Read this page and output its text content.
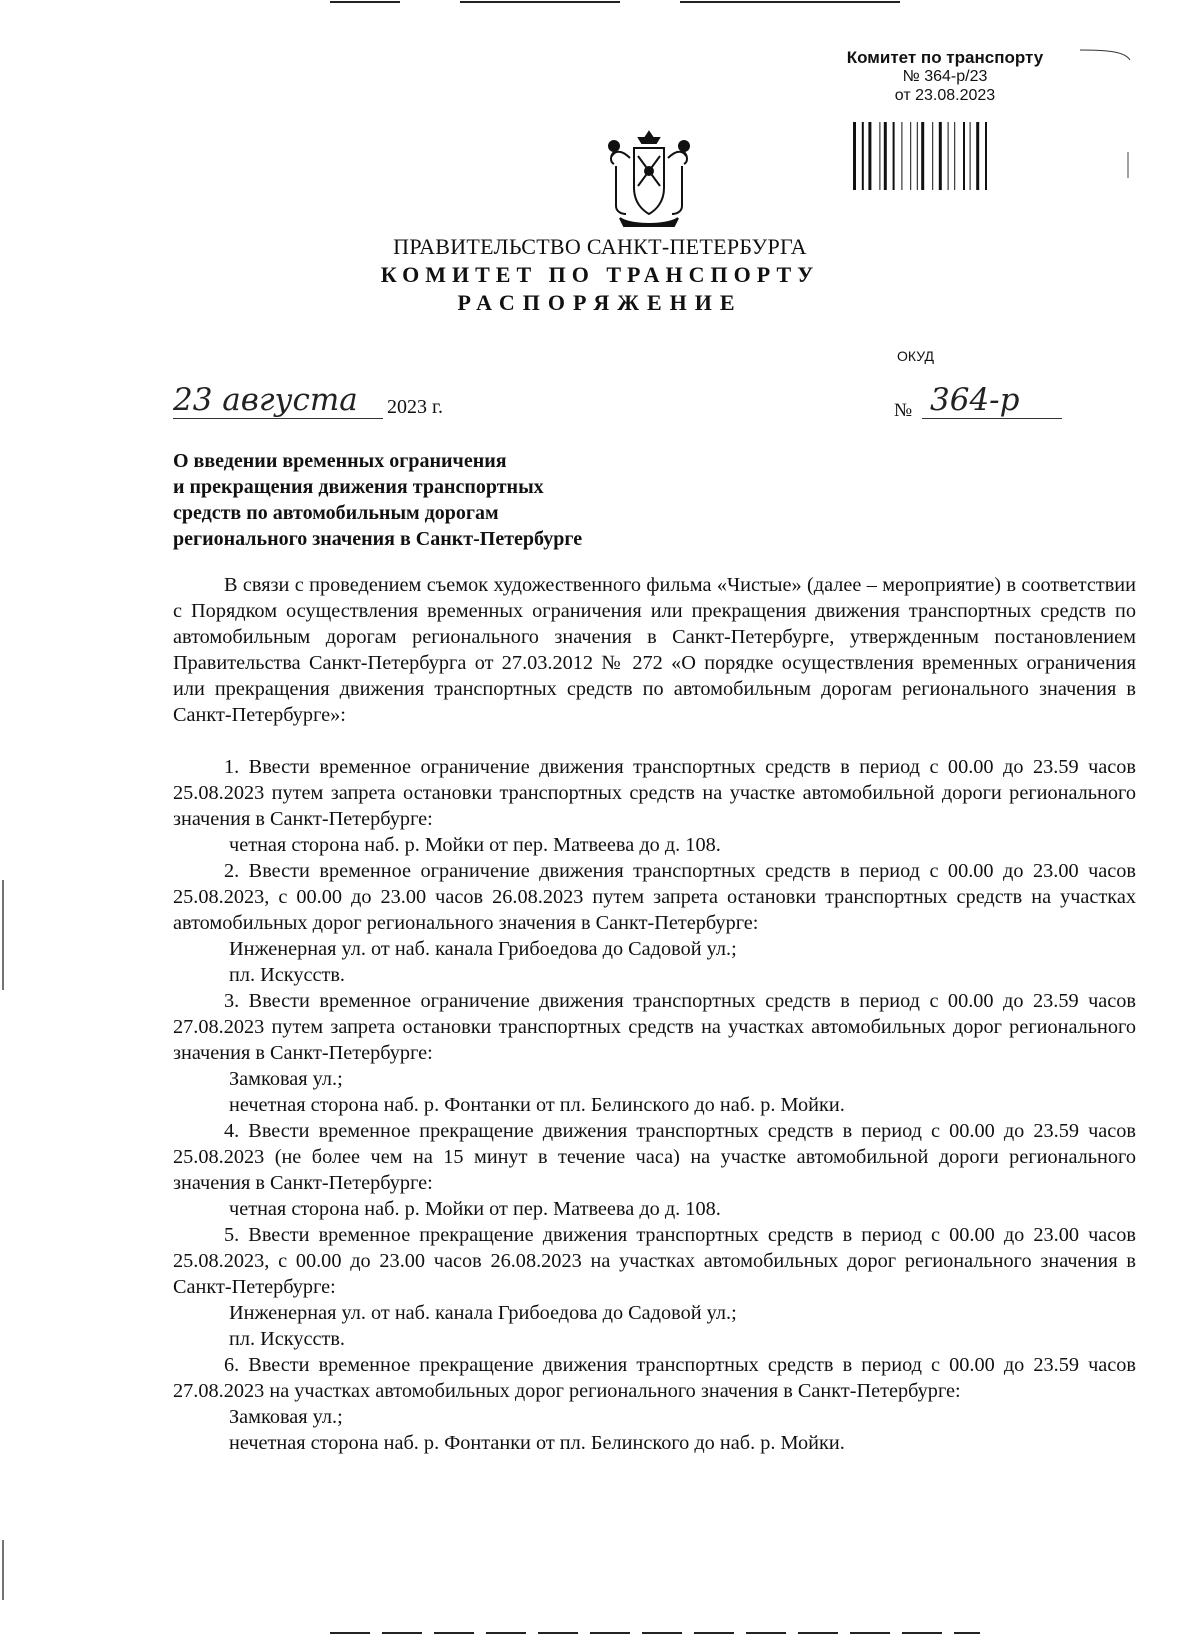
Комитет по транспорту
№ 364-р/23
от 23.08.2023
ПРАВИТЕЛЬСТВО САНКТ-ПЕТЕРБУРГА
КОМИТЕТ ПО ТРАНСПОРТУ
РАСПОРЯЖЕНИЕ
ОКУД
23 августа	2023 г.	№ 364-р
О введении временных ограничения
и прекращения движения транспортных
средств по автомобильным дорогам
регионального значения в Санкт-Петербурге

В связи с проведением съемок художественного фильма «Чистые» (далее – мероприятие) в соответствии с Порядком осуществления временных ограничения или прекращения движения транспортных средств по автомобильным дорогам регионального значения в Санкт-Петербурге, утвержденным постановлением Правительства Санкт-Петербурга от 27.03.2012 № 272 «О порядке осуществления временных ограничения или прекращения движения транспортных средств по автомобильным дорогам регионального значения в Санкт-Петербурге»:

1. Ввести временное ограничение движения транспортных средств в период с 00.00 до 23.59 часов 25.08.2023 путем запрета остановки транспортных средств на участке автомобильной дороги регионального значения в Санкт-Петербурге:

четная сторона наб. р. Мойки от пер. Матвеева до д. 108.

2. Ввести временное ограничение движения транспортных средств в период с 00.00 до 23.00 часов 25.08.2023, с 00.00 до 23.00 часов 26.08.2023 путем запрета остановки транспортных средств на участках автомобильных дорог регионального значения в Санкт-Петербурге:

Инженерная ул. от наб. канала Грибоедова до Садовой ул.;

пл. Искусств.

3. Ввести временное ограничение движения транспортных средств в период с 00.00 до 23.59 часов 27.08.2023 путем запрета остановки транспортных средств на участках автомобильных дорог регионального значения в Санкт-Петербурге:

Замковая ул.;

нечетная сторона наб. р. Фонтанки от пл. Белинского до наб. р. Мойки.

4. Ввести временное прекращение движения транспортных средств в период с 00.00 до 23.59 часов 25.08.2023 (не более чем на 15 минут в течение часа) на участке автомобильной дороги регионального значения в Санкт-Петербурге:

четная сторона наб. р. Мойки от пер. Матвеева до д. 108.

5. Ввести временное прекращение движения транспортных средств в период с 00.00 до 23.00 часов 25.08.2023, с 00.00 до 23.00 часов 26.08.2023 на участках автомобильных дорог регионального значения в Санкт-Петербурге:

Инженерная ул. от наб. канала Грибоедова до Садовой ул.;

пл. Искусств.

6. Ввести временное прекращение движения транспортных средств в период с 00.00 до 23.59 часов 27.08.2023 на участках автомобильных дорог регионального значения в Санкт-Петербурге:

Замковая ул.;

нечетная сторона наб. р. Фонтанки от пл. Белинского до наб. р. Мойки.
